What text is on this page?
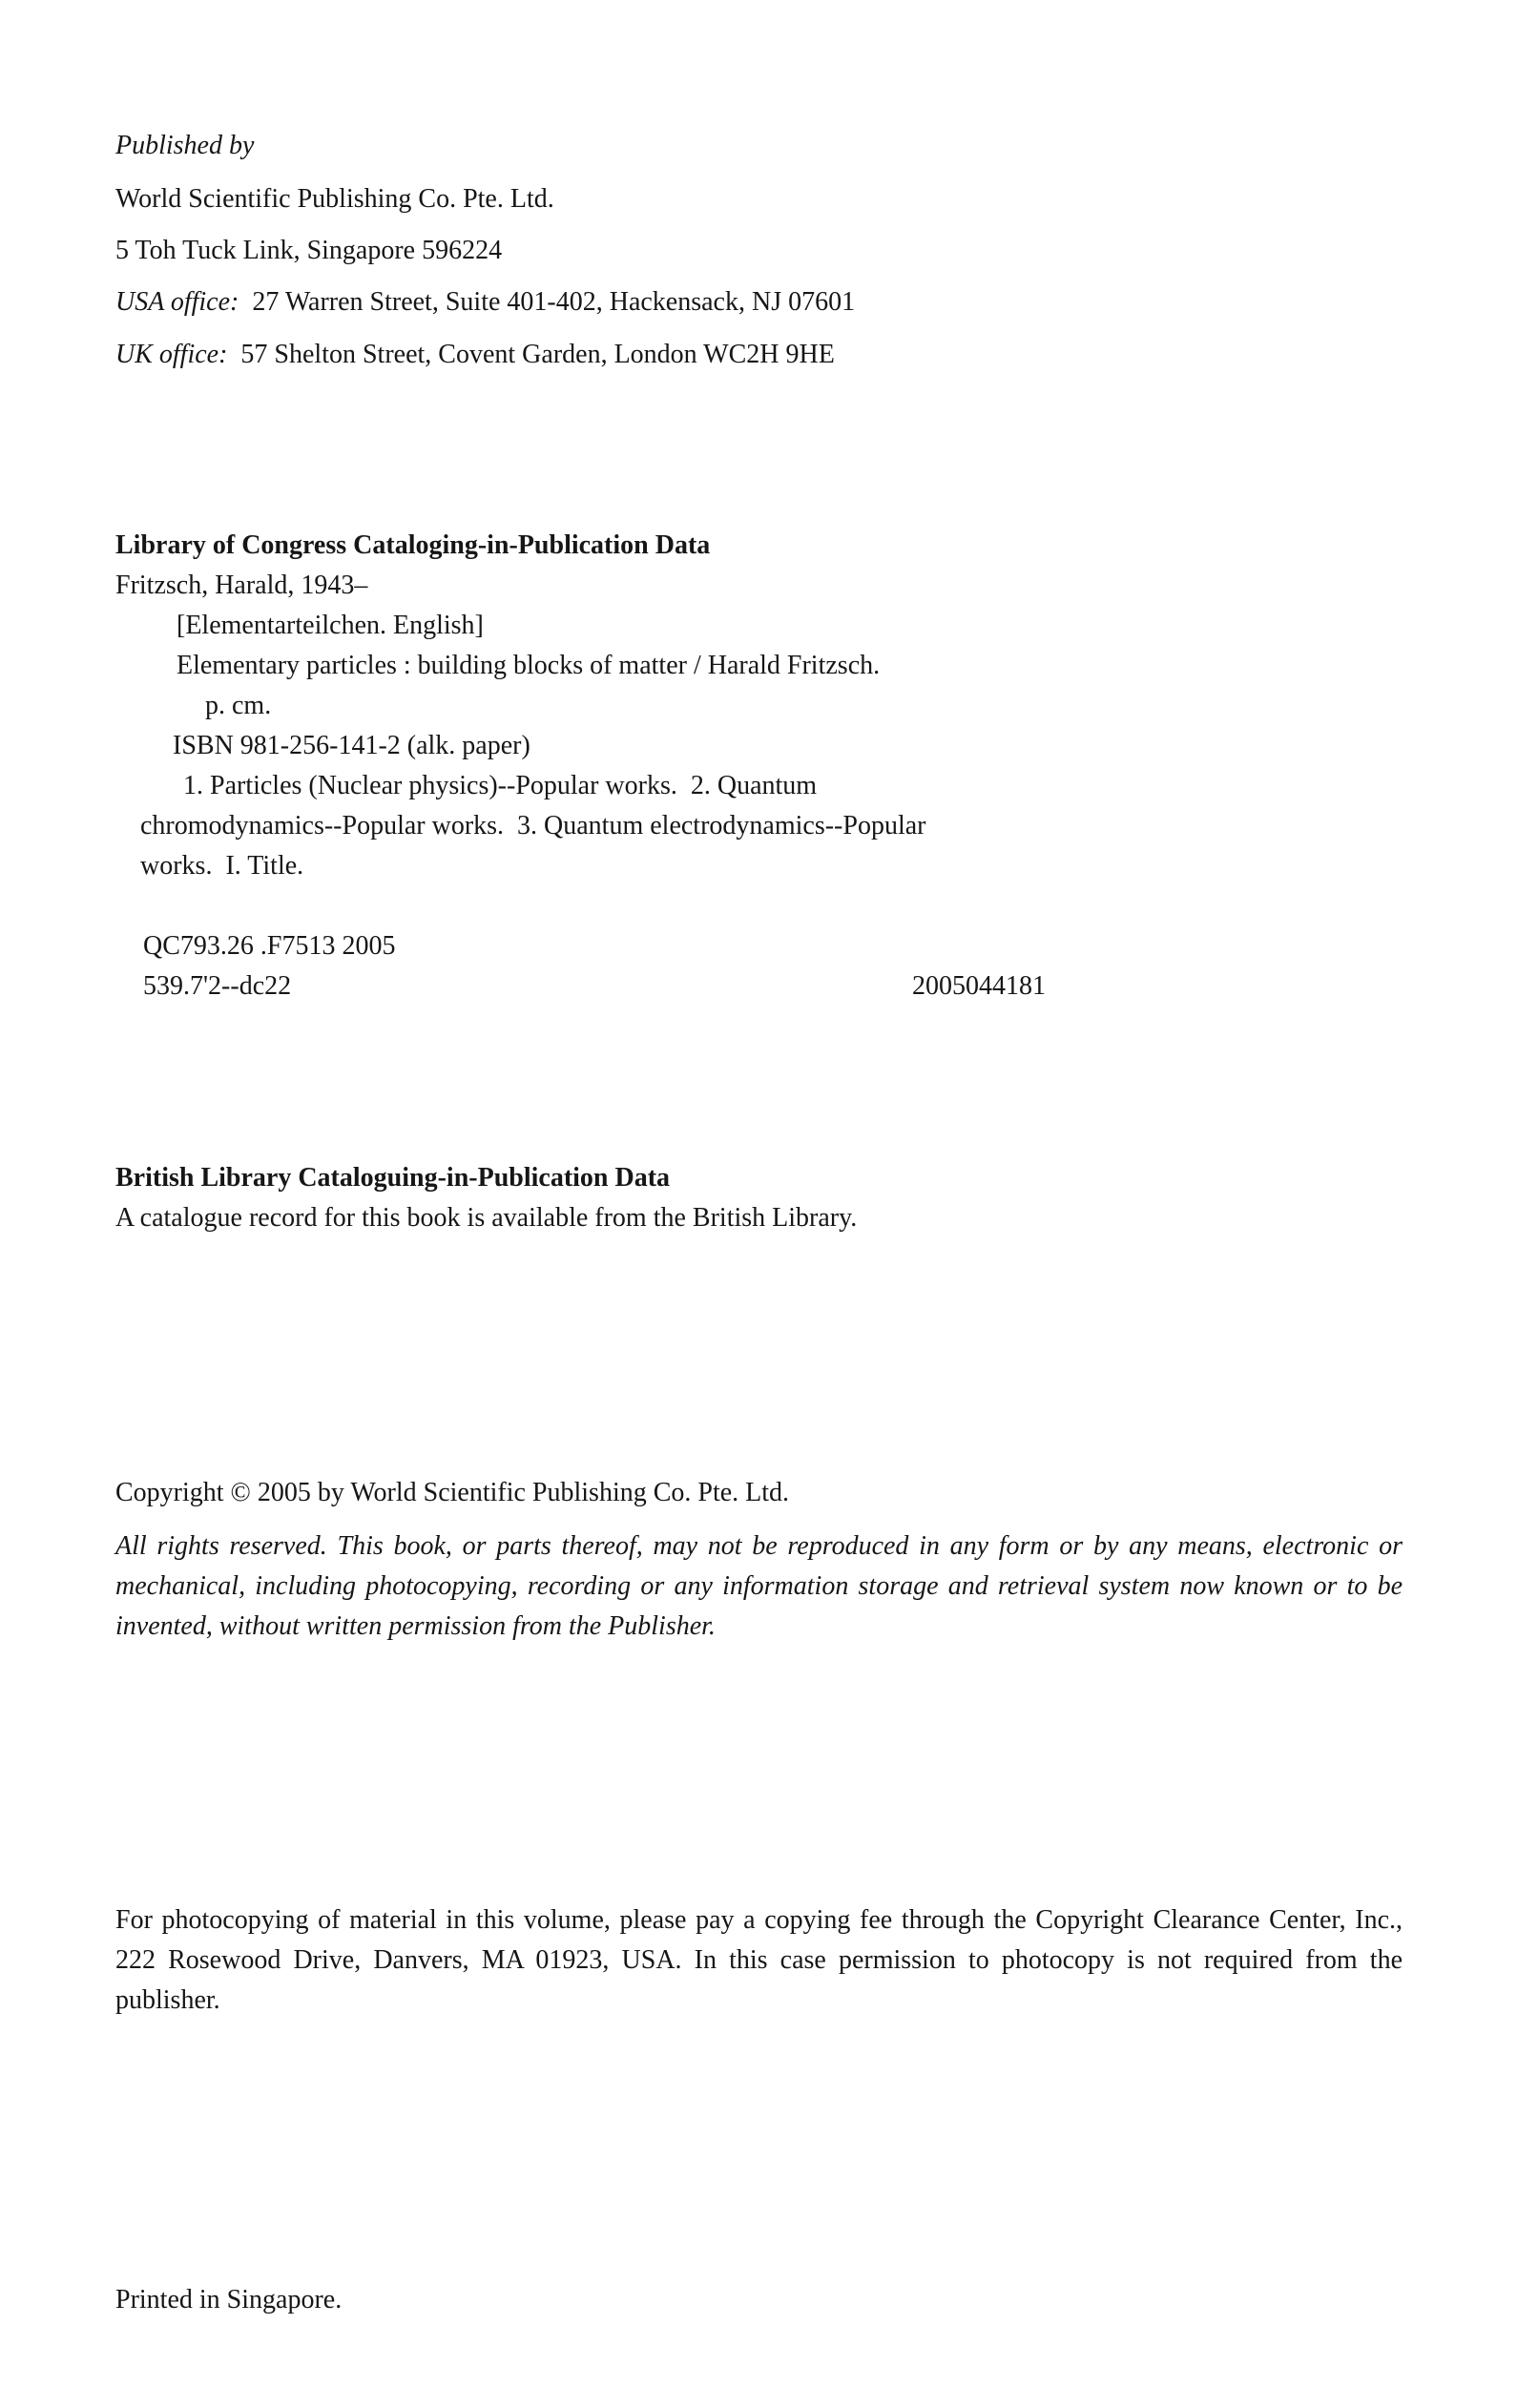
Published by
World Scientific Publishing Co. Pte. Ltd.
5 Toh Tuck Link, Singapore 596224
USA office: 27 Warren Street, Suite 401-402, Hackensack, NJ 07601
UK office: 57 Shelton Street, Covent Garden, London WC2H 9HE
Library of Congress Cataloging-in-Publication Data
Fritzsch, Harald, 1943–
[Elementarteilchen. English]
Elementary particles : building blocks of matter / Harald Fritzsch.
p. cm.
ISBN 981-256-141-2 (alk. paper)
1. Particles (Nuclear physics)--Popular works.  2. Quantum
chromodynamics--Popular works.  3. Quantum electrodynamics--Popular
works.  I. Title.
QC793.26 .F7513 2005
539.7'2--dc22	2005044181
British Library Cataloguing-in-Publication Data
A catalogue record for this book is available from the British Library.
Copyright © 2005 by World Scientific Publishing Co. Pte. Ltd.
All rights reserved. This book, or parts thereof, may not be reproduced in any form or by any means, electronic or mechanical, including photocopying, recording or any information storage and retrieval system now known or to be invented, without written permission from the Publisher.
For photocopying of material in this volume, please pay a copying fee through the Copyright Clearance Center, Inc., 222 Rosewood Drive, Danvers, MA 01923, USA. In this case permission to photocopy is not required from the publisher.
Printed in Singapore.
